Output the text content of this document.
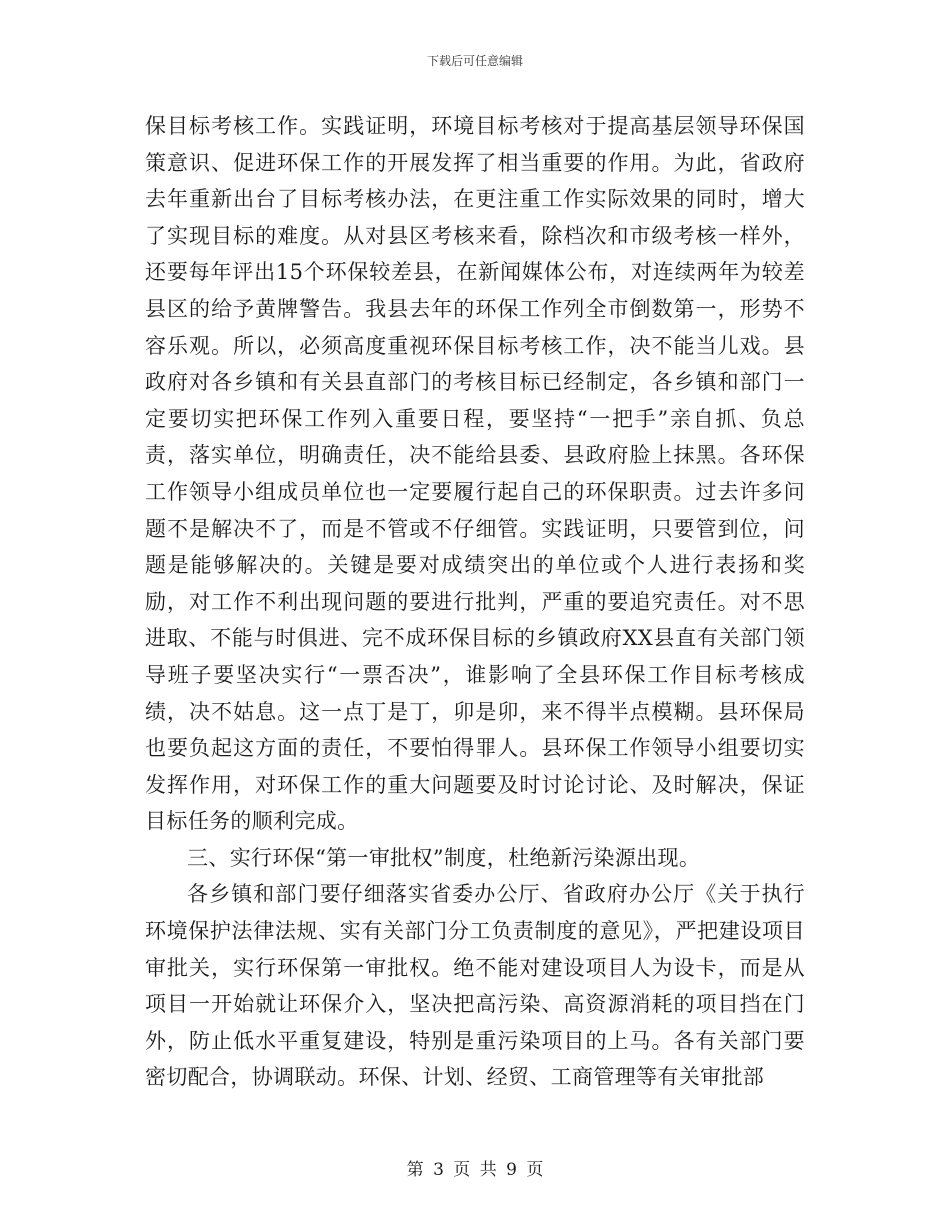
下载后可任意编辑

保目标考核工作。实践证明，环境目标考核对于提高基层领导环保国策意识、促进环保工作的开展发挥了相当重要的作用。为此，省政府去年重新出台了目标考核办法，在更注重工作实际效果的同时，增大了实现目标的难度。从对县区考核来看，除档次和市级考核一样外，还要每年评出15个环保较差县，在新闻媒体公布，对连续两年为较差县区的给予黄牌警告。我县去年的环保工作列全市倒数第一，形势不容乐观。所以，必须高度重视环保目标考核工作，决不能当儿戏。县政府对各乡镇和有关县直部门的考核目标已经制定，各乡镇和部门一定要切实把环保工作列入重要日程，要坚持“一把手”亲自抓、负总责，落实单位，明确责任，决不能给县委、县政府脸上抹黑。各环保工作领导小组成员单位也一定要履行起自己的环保职责。过去许多问题不是解决不了，而是不管或不仔细管。实践证明，只要管到位，问题是能够解决的。关键是要对成绩突出的单位或个人进行表扬和奖励，对工作不利出现问题的要进行批判，严重的要追究责任。对不思进取、不能与时俱进、完不成环保目标的乡镇政府XX县直有关部门领导班子要坚决实行“一票否决”，谁影响了全县环保工作目标考核成绩，决不姑息。这一点丁是丁，卯是卯，来不得半点模糊。县环保局也要负起这方面的责任，不要怕得罪人。县环保工作领导小组要切实发挥作用，对环保工作的重大问题要及时讨论讨论、及时解决，保证目标任务的顺利完成。

三、实行环保“第一审批权”制度，杜绝新污染源出现。

各乡镇和部门要仔细落实省委办公厅、省政府办公厅《关于执行环境保护法律法规、实有关部门分工负责制度的意见》，严把建设项目审批关，实行环保第一审批权。绝不能对建设项目人为设卡，而是从项目一开始就让环保介入，坚决把高污染、高资源消耗的项目挡在门外，防止低水平重复建设，特别是重污染项目的上马。各有关部门要密切配合，协调联动。环保、计划、经贸、工商管理等有关审批部

第 3 页 共 9 页
